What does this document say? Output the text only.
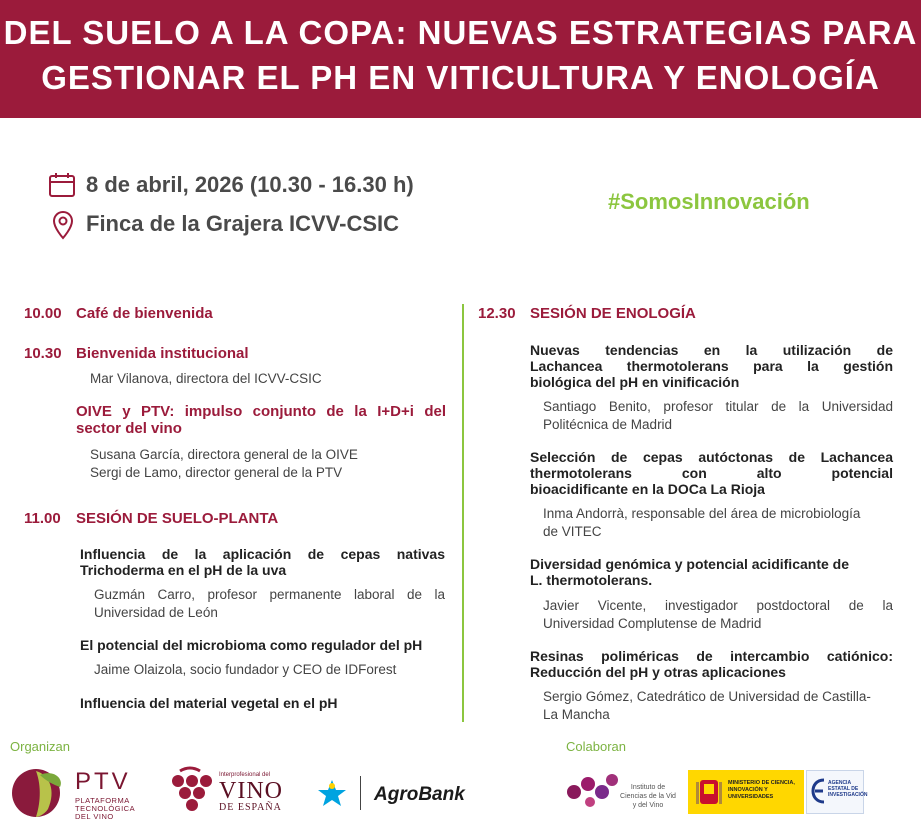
DEL SUELO A LA COPA: NUEVAS ESTRATEGIAS PARA
GESTIONAR EL PH EN VITICULTURA Y ENOLOGÍA
8 de abril, 2026 (10.30 - 16.30 h)
Finca de la Grajera ICVV-CSIC
#SomosInnovación
10.00 Café de bienvenida
10.30 Bienvenida institucional
Mar Vilanova, directora del ICVV-CSIC
OIVE y PTV: impulso conjunto de la I+D+i del
sector del vino
Susana García, directora general de la OIVE
Sergi de Lamo, director general de la PTV
11.00 SESIÓN DE SUELO-PLANTA
Influencia de la aplicación de cepas nativas
Trichoderma en el pH de la uva
Guzmán Carro, profesor permanente laboral de la
Universidad de León
El potencial del microbioma como regulador del pH
Jaime Olaizola, socio fundador y CEO de IDForest
Influencia del material vegetal en el pH
12.30 SESIÓN DE ENOLOGÍA
Nuevas tendencias en la utilización de
Lachancea thermotolerans para la gestión
biológica del pH en vinificación
Santiago Benito, profesor titular de la Universidad
Politécnica de Madrid
Selección de cepas autóctonas de Lachancea
thermotolerans con alto potencial
bioacidificante en la DOCa La Rioja
Inma Andorrà, responsable del área de microbiología
de VITEC
Diversidad genómica y potencial acidificante de
L. thermotolerans.
Javier Vicente, investigador postdoctoral de la
Universidad Complutense de Madrid
Resinas poliméricas de intercambio catiónico:
Reducción del pH y otras aplicaciones
Sergio Gómez, Catedrático de Universidad de Castilla-
La Mancha
Organizan	Colaboran
PTV
PLATAFORMA
TECNOLÓGICA
DEL VINO
Interprofesional del
VINO
DE ESPAÑA
AgroBank	Instituto de Ciencias de la Vid y del Vino
MINISTERIO DE CIENCIA, INNOVACIÓN Y UNIVERSIDADES
AGENCIA ESTATAL DE INVESTIGACIÓN
